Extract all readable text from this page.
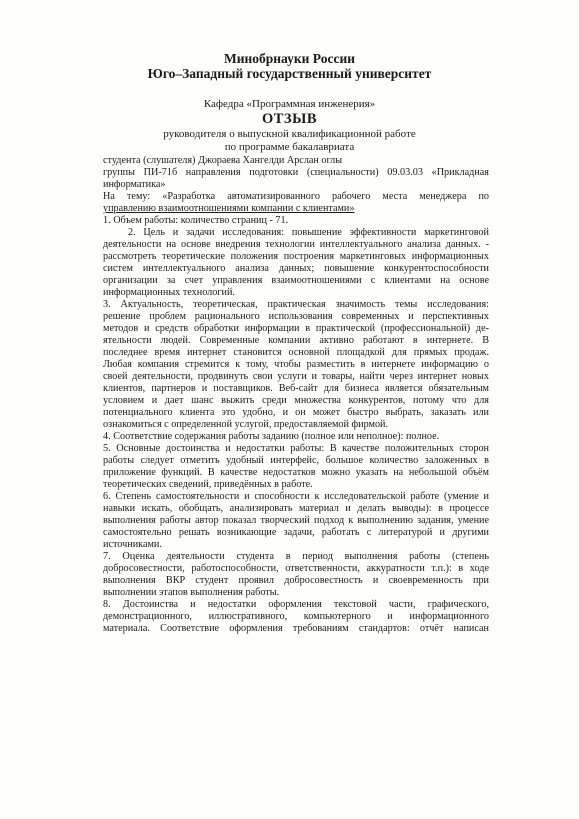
Минобрнауки России
Юго–Западный государственный университет
Кафедра «Программная инженерия»
ОТЗЫВ
руководителя о выпускной квалификационной работе
по программе бакалавриата
студента (слушателя) Джораева Хангелди Арслан оглы
группы ПИ-71б направления подготовки (специальности) 09.03.03 «Прикладная
информатика»
На тему: «Разработка автоматизированного рабочего места менеджера по
управлению взаимоотношениями компании с клиентами»
1. Объем работы: количество страниц - 71.
2. Цель и задачи исследования: повышение эффективности маркетинговой
деятельности на основе внедрения технологии интеллектуального анализа данных. -
рассмотреть теоретические положения построения маркетинговых информационных
систем интеллектуального анализа данных; повышение конкурентоспособности
организации за счет управления взаимоотношениями с клиентами на основе
информационных технологий.
3. Актуальность, теоретическая, практическая значимость темы исследования:
решение проблем рационального использования современных и перспективных
методов и средств обработки информации в практической (профессиональной) де-
ятельности людей. Современные компании активно работают в интернете. В
последнее время интернет становится основной площадкой для прямых продаж.
Любая компания стремится к тому, чтобы разместить в интернете информацию о
своей деятельности, продвинуть свои услуги и товары, найти через интернет новых
клиентов, партнеров и поставщиков. Веб-сайт для бизнеса является обязательным
условием и дает шанс выжить среди множества конкурентов, потому что для
потенциального клиента это удобно, и он может быстро выбрать, заказать или
ознакомиться с определенной услугой, предоставляемой фирмой.
4. Соответствие содержания работы заданию (полное или неполное): полное.
5. Основные достоинства и недостатки работы: В качестве положительных сторон
работы следует отметить удобный интерфейс, большое количество заложенных в
приложение функций. В качестве недостатков можно указать на небольшой объём
теоретических сведений, приведённых в работе.
6. Степень самостоятельности и способности к исследовательской работе (умение и
навыки искать, обобщать, анализировать материал и делать выводы): в процессе
выполнения работы автор показал творческий подход к выполнению задания, умение
самостоятельно решать возникающие задачи, работать с литературой и другими
источниками.
7. Оценка деятельности студента в период выполнения работы (степень
добросовестности, работоспособности, ответственности, аккуратности т.п.): в ходе
выполнения ВКР студент проявил добросовестность и своевременность при
выполнении этапов выполнения работы.
8. Достоинства и недостатки оформления текстовой части, графического,
демонстрационного, иллюстративного, компьютерного и информационного
материала. Соответствие оформления требованиям стандартов: отчёт написан
